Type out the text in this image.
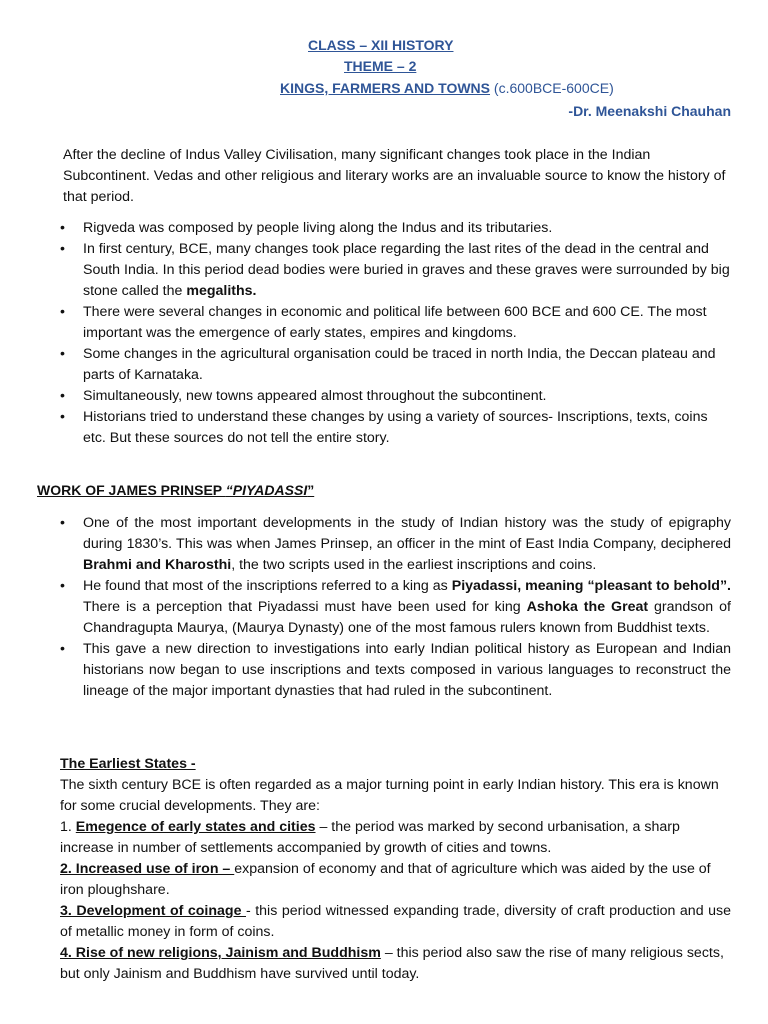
CLASS – XII HISTORY
THEME – 2
KINGS, FARMERS AND TOWNS (c.600BCE-600CE)
-Dr. Meenakshi Chauhan
After the decline of Indus Valley Civilisation, many significant changes took place in the Indian Subcontinent. Vedas and other religious and literary works are an invaluable source to know the history of that period.
• Rigveda was composed by people living along the Indus and its tributaries.
• In first century, BCE, many changes took place regarding the last rites of the dead in the central and South India. In this period dead bodies were buried in graves and these graves were surrounded by big stone called the megaliths.
• There were several changes in economic and political life between 600 BCE and 600 CE. The most important was the emergence of early states, empires and kingdoms.
• Some changes in the agricultural organisation could be traced in north India, the Deccan plateau and parts of Karnataka.
• Simultaneously, new towns appeared almost throughout the subcontinent.
• Historians tried to understand these changes by using a variety of sources- Inscriptions, texts, coins etc. But these sources do not tell the entire story.
WORK OF JAMES PRINSEP “PIYADASSI”
• One of the most important developments in the study of Indian history was the study of epigraphy during 1830’s. This was when James Prinsep, an officer in the mint of East India Company, deciphered Brahmi and Kharosthi, the two scripts used in the earliest inscriptions and coins.
• He found that most of the inscriptions referred to a king as Piyadassi, meaning “pleasant to behold”. There is a perception that Piyadassi must have been used for king Ashoka the Great grandson of Chandragupta Maurya, (Maurya Dynasty) one of the most famous rulers known from Buddhist texts.
• This gave a new direction to investigations into early Indian political history as European and Indian historians now began to use inscriptions and texts composed in various languages to reconstruct the lineage of the major important dynasties that had ruled in the subcontinent.
The Earliest States -
The sixth century BCE is often regarded as a major turning point in early Indian history. This era is known for some crucial developments. They are:
1. Emegence of early states and cities – the period was marked by second urbanisation, a sharp increase in number of settlements accompanied by growth of cities and towns.
2. Increased use of iron – expansion of economy and that of agriculture which was aided by the use of iron ploughshare.
3. Development of coinage - this period witnessed expanding trade, diversity of craft production and use of metallic money in form of coins.
4. Rise of new religions, Jainism and Buddhism – this period also saw the rise of many religious sects, but only Jainism and Buddhism have survived until today.
